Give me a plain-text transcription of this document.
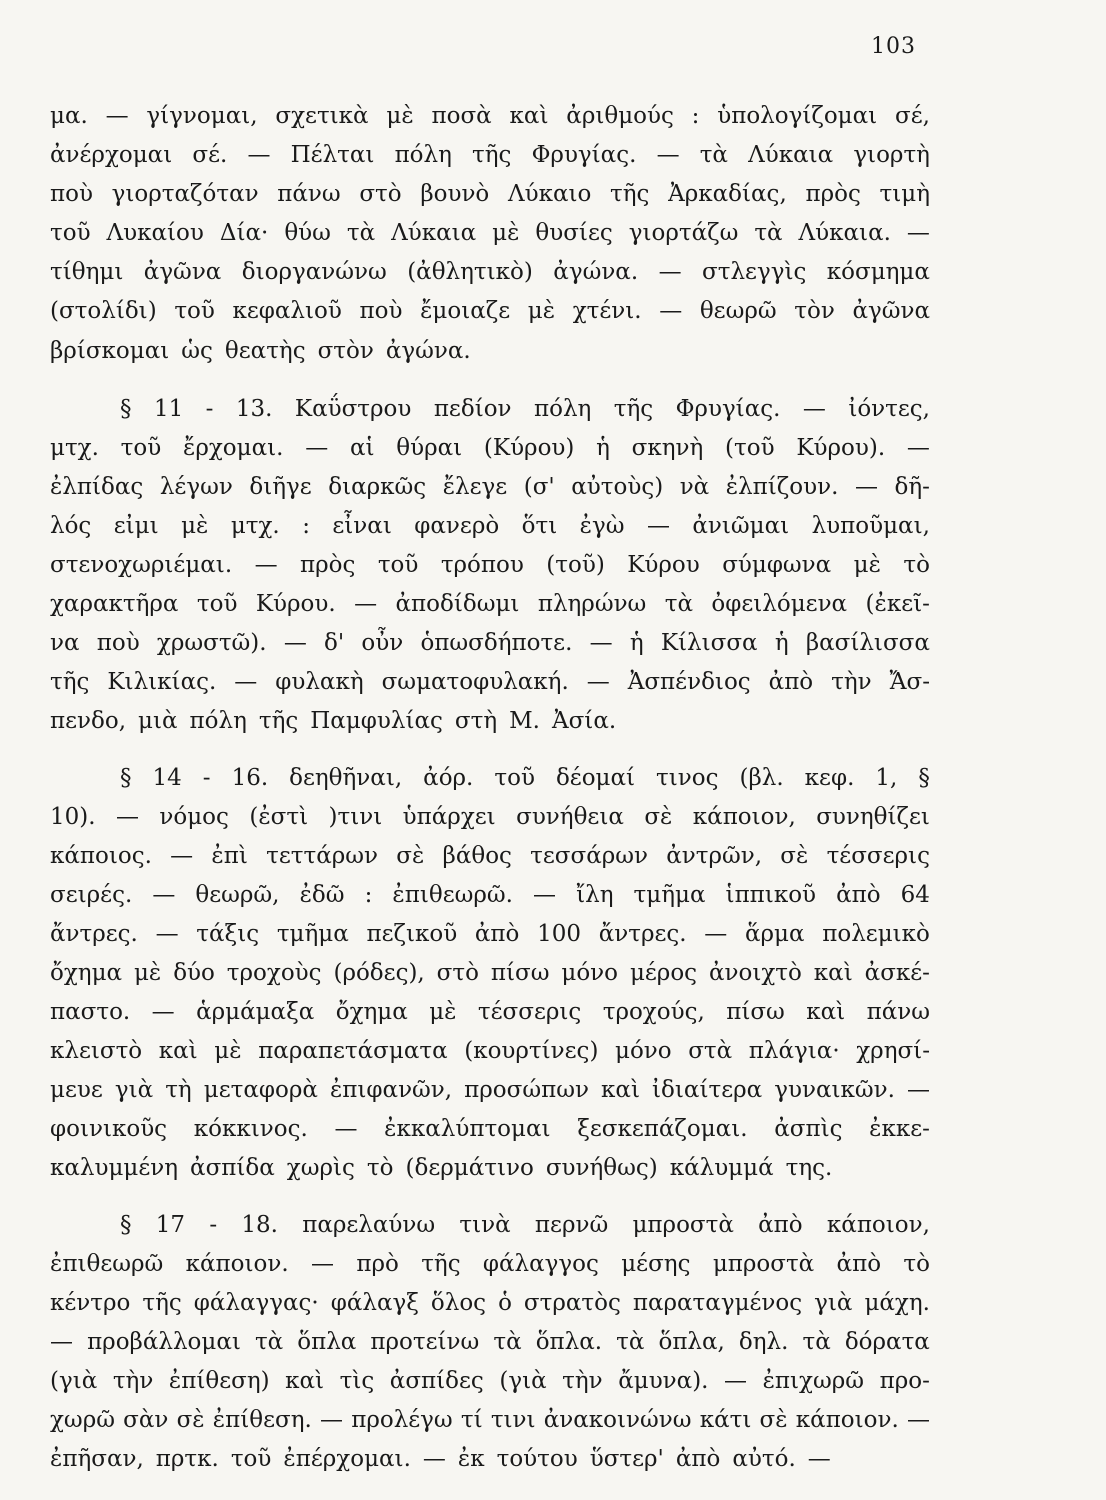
103
μα. — γίγνομαι, σχετικὰ μὲ ποσὰ καὶ ἀριθμούς : ὑπολογίζομαι σέ,
ἀνέρχομαι σέ. — Πέλται πόλη τῆς Φρυγίας. — τὰ Λύκαια γιορτὴ
ποὺ γιορταζόταν πάνω στὸ βουνὸ Λύκαιο τῆς Ἀρκαδίας, πρὸς τιμὴ
τοῦ Λυκαίου Δία· θύω τὰ Λύκαια μὲ θυσίες γιορτάζω τὰ Λύκαια. —
τίθημι ἀγῶνα διοργανώνω (ἀθλητικὸ) ἀγώνα. — στλεγγὶς κόσμημα
(στολίδι) τοῦ κεφαλιοῦ ποὺ ἔμοιαζε μὲ χτένι. — θεωρῶ τὸν ἀγῶνα
βρίσκομαι ὡς θεατὴς στὸν ἀγώνα.
§ 11 - 13. Καΰστρου πεδίον πόλη τῆς Φρυγίας. — ἰόντες,
μτχ. τοῦ ἔρχομαι. — αἱ θύραι (Κύρου) ἡ σκηνὴ (τοῦ Κύρου). —
ἐλπίδας λέγων διῆγε διαρκῶς ἔλεγε (σ' αὐτοὺς) νὰ ἐλπίζουν. — δῆ-
λός εἰμι μὲ μτχ. : εἶναι φανερὸ ὅτι ἐγὼ — ἀνιῶμαι λυποῦμαι,
στενοχωριέμαι. — πρὸς τοῦ τρόπου (τοῦ) Κύρου σύμφωνα μὲ τὸ
χαρακτῆρα τοῦ Κύρου. — ἀποδίδωμι πληρώνω τὰ ὀφειλόμενα (ἐκεῖ-
να ποὺ χρωστῶ). — δ' οὖν ὁπωσδήποτε. — ἡ Κίλισσα ἡ βασίλισσα
τῆς Κιλικίας. — φυλακὴ σωματοφυλακή. — Ἀσπένδιος ἀπὸ τὴν Ἄσ-
πενδο, μιὰ πόλη τῆς Παμφυλίας στὴ Μ. Ἀσία.
§ 14 - 16. δεηθῆναι, ἀόρ. τοῦ δέομαί τινος (βλ. κεφ. 1, §
10). — νόμος (ἐστὶ )τινι ὑπάρχει συνήθεια σὲ κάποιον, συνηθίζει
κάποιος. — ἐπὶ τεττάρων σὲ βάθος τεσσάρων ἀντρῶν, σὲ τέσσερις
σειρές. — θεωρῶ, ἐδῶ : ἐπιθεωρῶ. — ἴλη τμῆμα ἱππικοῦ ἀπὸ 64
ἄντρες. — τάξις τμῆμα πεζικοῦ ἀπὸ 100 ἄντρες. — ἅρμα πολεμικὸ
ὄχημα μὲ δύο τροχοὺς (ρόδες), στὸ πίσω μόνο μέρος ἀνοιχτὸ καὶ ἀσκέ-
παστο. — ἁρμάμαξα ὄχημα μὲ τέσσερις τροχούς, πίσω καὶ πάνω
κλειστὸ καὶ μὲ παραπετάσματα (κουρτίνες) μόνο στὰ πλάγια· χρησί-
μευε γιὰ τὴ μεταφορὰ ἐπιφανῶν, προσώπων καὶ ἰδιαίτερα γυναικῶν. —
φοινικοῦς κόκκινος. — ἐκκαλύπτομαι ξεσκεπάζομαι. ἀσπὶς ἐκκε-
καλυμμένη ἀσπίδα χωρὶς τὸ (δερμάτινο συνήθως) κάλυμμά της.
§ 17 - 18. παρελαύνω τινὰ περνῶ μπροστὰ ἀπὸ κάποιον,
ἐπιθεωρῶ κάποιον. — πρὸ τῆς φάλαγγος μέσης μπροστὰ ἀπὸ τὸ
κέντρο τῆς φάλαγγας· φάλαγξ ὅλος ὁ στρατὸς παραταγμένος γιὰ μάχη.
— προβάλλομαι τὰ ὅπλα προτείνω τὰ ὅπλα. τὰ ὅπλα, δηλ. τὰ δόρατα
(γιὰ τὴν ἐπίθεση) καὶ τὶς ἀσπίδες (γιὰ τὴν ἄμυνα). — ἐπιχωρῶ προ-
χωρῶ σὰν σὲ ἐπίθεση. — προλέγω τί τινι ἀνακοινώνω κάτι σὲ κάποιον. —
ἐπῆσαν, πρτκ. τοῦ ἐπέρχομαι. — ἐκ τούτου ὕστερ' ἀπὸ αὐτό. —
